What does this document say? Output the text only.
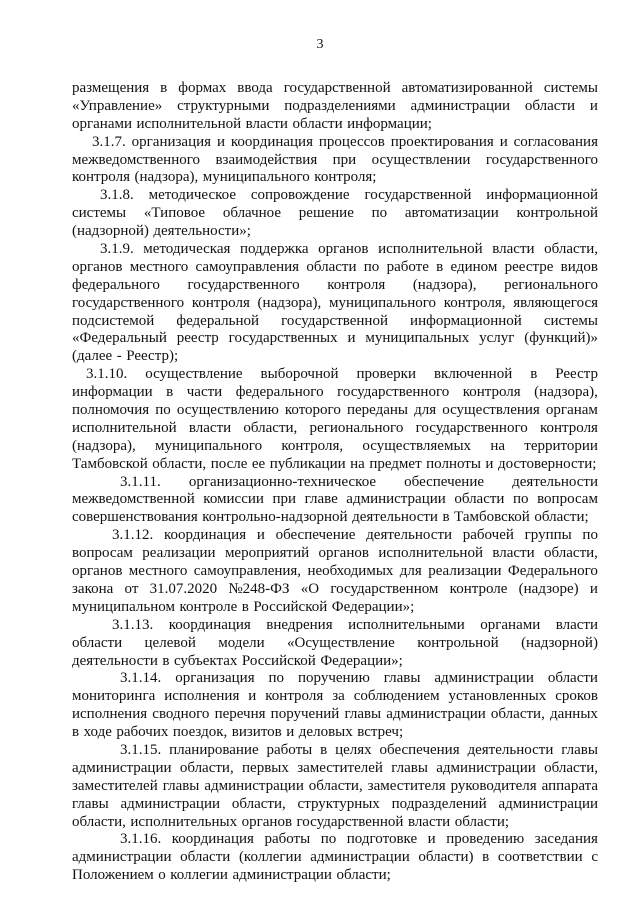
3
размещения в формах ввода государственной автоматизированной системы
«Управление» структурными подразделениями администрации области и
органами исполнительной власти области информации;
3.1.7. организация и координация процессов проектирования и согласования
межведомственного взаимодействия при осуществлении государственного
контроля (надзора), муниципального контроля;
3.1.8. методическое сопровождение государственной информационной
системы «Типовое облачное решение по автоматизации контрольной
(надзорной) деятельности»;
3.1.9. методическая поддержка органов исполнительной власти области,
органов местного самоуправления области по работе в едином реестре видов
федерального государственного контроля (надзора), регионального
государственного контроля (надзора), муниципального контроля, являющегося
подсистемой федеральной государственной информационной системы
«Федеральный реестр государственных и муниципальных услуг (функций)»
(далее - Реестр);
3.1.10. осуществление выборочной проверки включенной в Реестр
информации в части федерального государственного контроля (надзора),
полномочия по осуществлению которого переданы для осуществления органам
исполнительной власти области, регионального государственного контроля
(надзора), муниципального контроля, осуществляемых на территории
Тамбовской области, после ее публикации на предмет полноты и достоверности;
3.1.11. организационно-техническое обеспечение деятельности
межведомственной комиссии при главе администрации области по вопросам
совершенствования контрольно-надзорной деятельности в Тамбовской области;
3.1.12. координация и обеспечение деятельности рабочей группы по
вопросам реализации мероприятий органов исполнительной власти области,
органов местного самоуправления, необходимых для реализации Федерального
закона от 31.07.2020 №248-ФЗ «О государственном контроле (надзоре) и
муниципальном контроле в Российской Федерации»;
3.1.13. координация внедрения исполнительными органами власти
области целевой модели «Осуществление контрольной (надзорной)
деятельности в субъектах Российской Федерации»;
3.1.14. организация по поручению главы администрации области
мониторинга исполнения и контроля за соблюдением установленных сроков
исполнения сводного перечня поручений главы администрации области, данных
в ходе рабочих поездок, визитов и деловых встреч;
3.1.15. планирование работы в целях обеспечения деятельности главы
администрации области, первых заместителей главы администрации области,
заместителей главы администрации области, заместителя руководителя аппарата
главы администрации области, структурных подразделений администрации
области, исполнительных органов государственной власти области;
3.1.16. координация работы по подготовке и проведению заседания
администрации области (коллегии администрации области) в соответствии с
Положением о коллегии администрации области;
